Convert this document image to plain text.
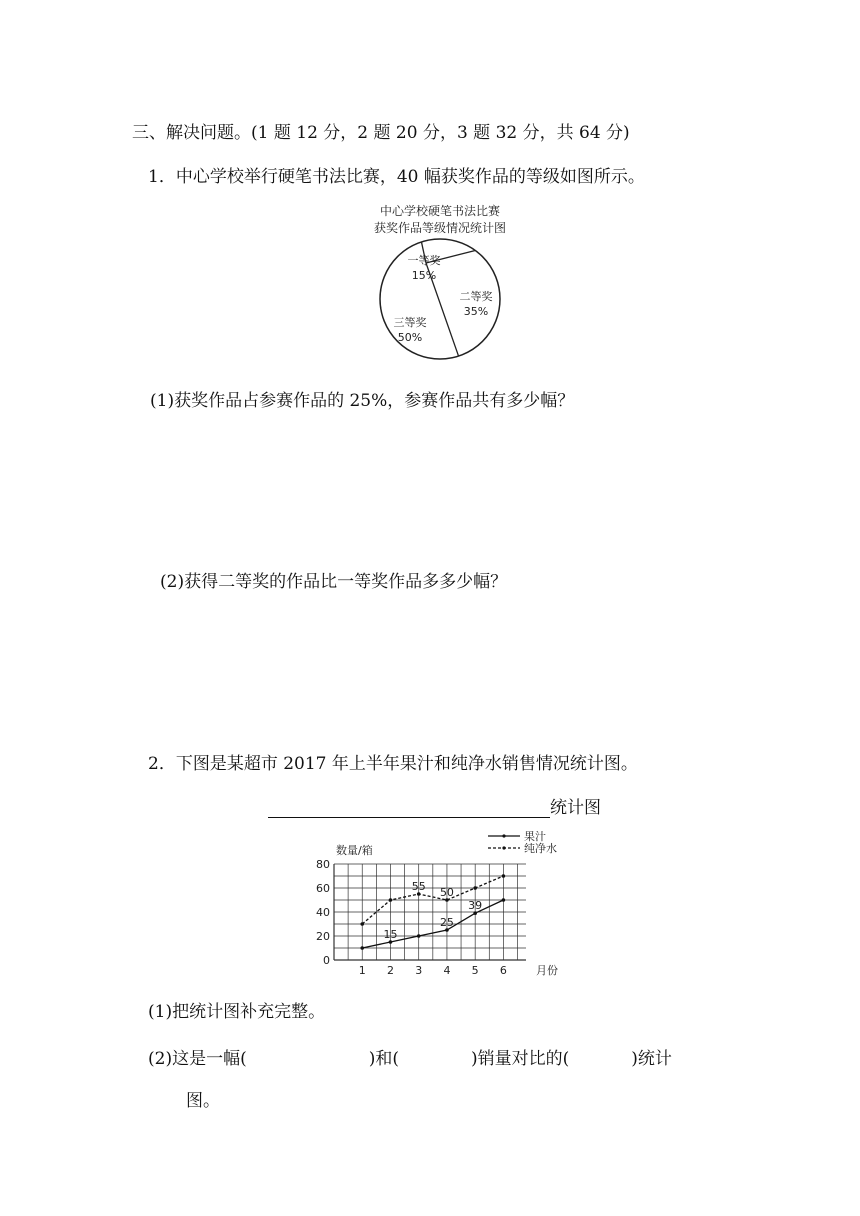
三、解决问题。(1 题 12 分，2 题 20 分，3 题 32 分，共 64 分)
1．中心学校举行硬笔书法比赛，40 幅获奖作品的等级如图所示。
中心学校硬笔书法比赛
获奖作品等级情况统计图
一等奖
15%
二等奖
35%
三等奖
50%
(1)获奖作品占参赛作品的 25%，参赛作品共有多少幅？
(2)获得二等奖的作品比一等奖作品多多少幅？
2．下图是某超市 2017 年上半年果汁和纯净水销售情况统计图。
统计图
0
20
40
60
80
1 2 3 4 5 6
数量/箱
月份
果汁
纯净水
15
25
39
55 50
(1)把统计图补充完整。
(2)这是一幅(	)和(	)销量对比的(	)统计
图。
